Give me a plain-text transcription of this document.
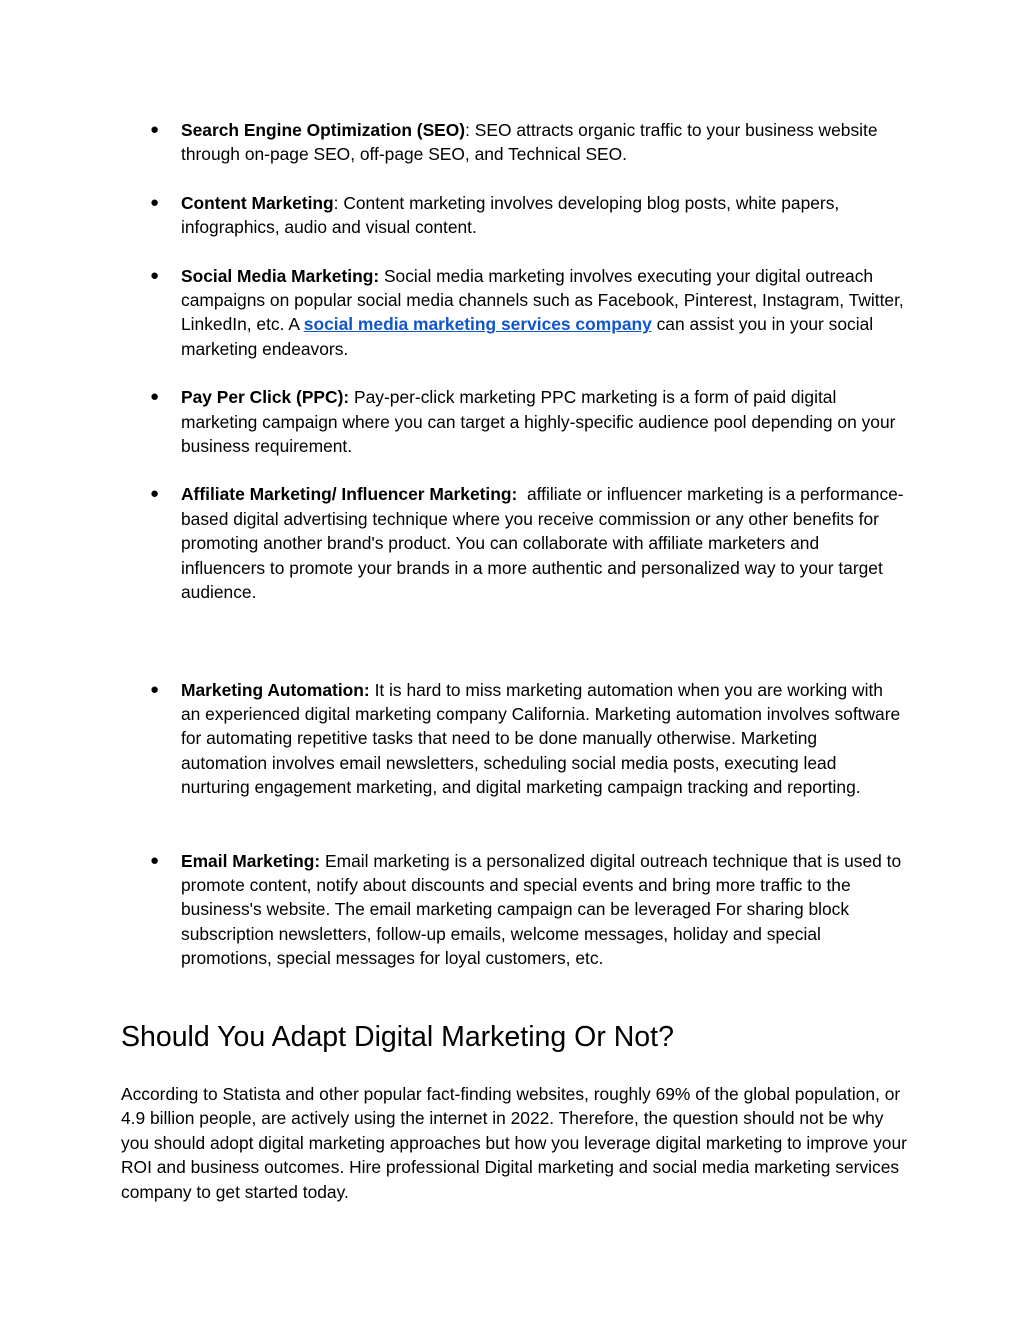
● Search Engine Optimization (SEO): SEO attracts organic traffic to your business website through on-page SEO, off-page SEO, and Technical SEO.
● Content Marketing: Content marketing involves developing blog posts, white papers, infographics, audio and visual content.
● Social Media Marketing: Social media marketing involves executing your digital outreach campaigns on popular social media channels such as Facebook, Pinterest, Instagram, Twitter, LinkedIn, etc. A social media marketing services company can assist you in your social marketing endeavors.
● Pay Per Click (PPC): Pay-per-click marketing PPC marketing is a form of paid digital marketing campaign where you can target a highly-specific audience pool depending on your business requirement.
● Affiliate Marketing/ Influencer Marketing: affiliate or influencer marketing is a performance-based digital advertising technique where you receive commission or any other benefits for promoting another brand's product. You can collaborate with affiliate marketers and influencers to promote your brands in a more authentic and personalized way to your target audience.
● Marketing Automation: It is hard to miss marketing automation when you are working with an experienced digital marketing company California. Marketing automation involves software for automating repetitive tasks that need to be done manually otherwise. Marketing automation involves email newsletters, scheduling social media posts, executing lead nurturing engagement marketing, and digital marketing campaign tracking and reporting.
● Email Marketing: Email marketing is a personalized digital outreach technique that is used to promote content, notify about discounts and special events and bring more traffic to the business's website. The email marketing campaign can be leveraged For sharing block subscription newsletters, follow-up emails, welcome messages, holiday and special promotions, special messages for loyal customers, etc.
Should You Adapt Digital Marketing Or Not?

According to Statista and other popular fact-finding websites, roughly 69% of the global population, or 4.9 billion people, are actively using the internet in 2022. Therefore, the question should not be why you should adopt digital marketing approaches but how you leverage digital marketing to improve your ROI and business outcomes. Hire professional Digital marketing and social media marketing services company to get started today.
